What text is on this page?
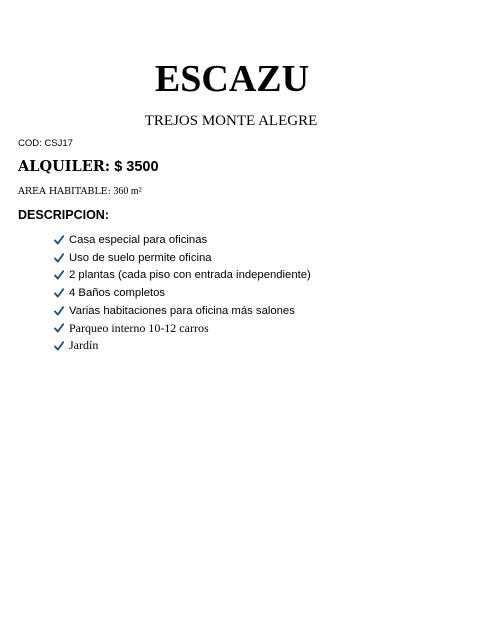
ESCAZU
TREJOS MONTE ALEGRE
COD: CSJ17
ALQUILER: $ 3500
AREA HABITABLE: 360 m²
DESCRIPCION:
Casa especial para oficinas
Uso de suelo permite oficina
2 plantas (cada piso con entrada independiente)
4 Baños completos
Varias habitaciones para oficina más salones
Parqueo interno 10-12 carros
Jardín
